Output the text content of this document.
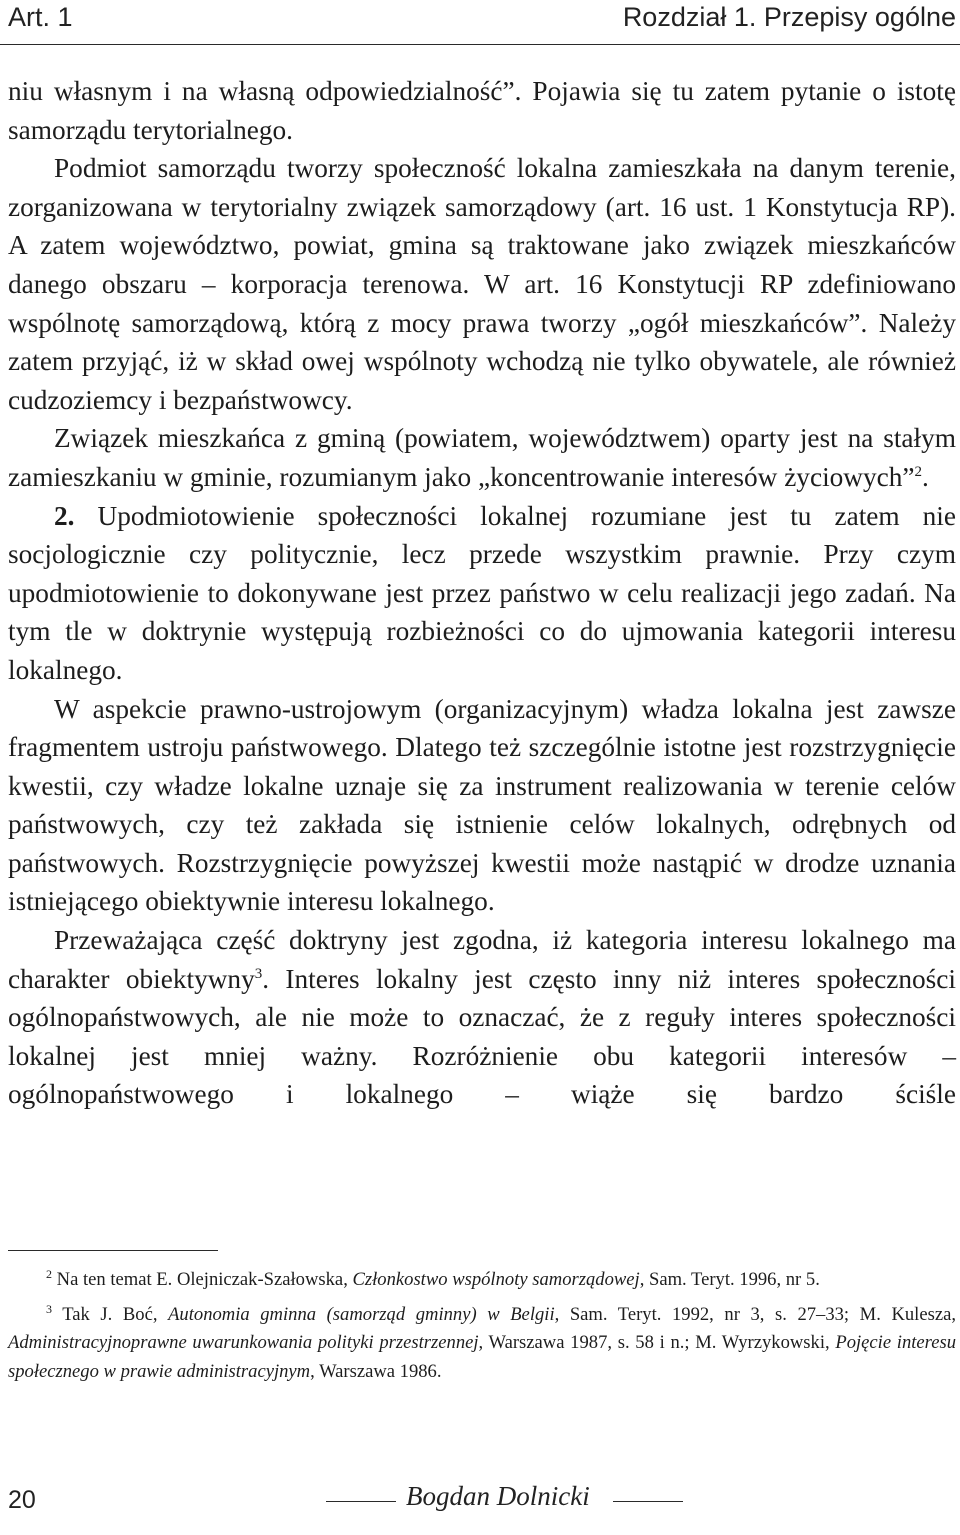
Art. 1	Rozdział 1. Przepisy ogólne

niu własnym i na własną odpowiedzialność”. Pojawia się tu zatem pytanie o istotę samorządu terytorialnego.

Podmiot samorządu tworzy społeczność lokalna zamieszkała na danym terenie, zorganizowana w terytorialny związek samorządowy (art. 16 ust. 1 Konstytucja RP). A zatem województwo, powiat, gmina są traktowane jako związek mieszkańców danego obszaru – korporacja terenowa. W art. 16 Konstytucji RP zdefiniowano wspólnotę samorządową, którą z mocy prawa tworzy „ogół mieszkańców”. Należy zatem przyjąć, iż w skład owej wspólnoty wchodzą nie tylko obywatele, ale również cudzoziemcy i bezpaństwowcy.

Związek mieszkańca z gminą (powiatem, województwem) oparty jest na stałym zamieszkaniu w gminie, rozumianym jako „koncentrowanie interesów życiowych”$^2$.

2. Upodmiotowienie społeczności lokalnej rozumiane jest tu zatem nie socjologicznie czy politycznie, lecz przede wszystkim prawnie. Przy czym upodmiotowienie to dokonywane jest przez państwo w celu realizacji jego zadań. Na tym tle w doktrynie występują rozbieżności co do ujmowania kategorii interesu lokalnego.

W aspekcie prawno-ustrojowym (organizacyjnym) władza lokalna jest zawsze fragmentem ustroju państwowego. Dlatego też szczególnie istotne jest rozstrzygnięcie kwestii, czy władze lokalne uznaje się za instrument realizowania w terenie celów państwowych, czy też zakłada się istnienie celów lokalnych, odrębnych od państwowych. Rozstrzygnięcie powyższej kwestii może nastąpić w drodze uznania istniejącego obiektywnie interesu lokalnego.

Przeważająca część doktryny jest zgodna, iż kategoria interesu lokalnego ma charakter obiektywny$^3$. Interes lokalny jest często inny niż interes społeczności ogólnopaństwowych, ale nie może to oznaczać, że z reguły interes społeczności lokalnej jest mniej ważny. Rozróżnienie obu kategorii interesów – ogólnopaństwowego i lokalnego – wiąże się bardzo ściśle

$^2$ Na ten temat E. Olejniczak-Szałowska, Członkostwo wspólnoty samorządowej, Sam. Teryt. 1996, nr 5.

$^3$ Tak J. Boć, Autonomia gminna (samorząd gminny) w Belgii, Sam. Teryt. 1992, nr 3, s. 27–33; M. Kulesza, Administracyjnoprawne uwarunkowania polityki przestrzennej, Warszawa 1987, s. 58 i n.; M. Wyrzykowski, Pojęcie interesu społecznego w prawie administracyjnym, Warszawa 1986.

20	Bogdan Dolnicki
